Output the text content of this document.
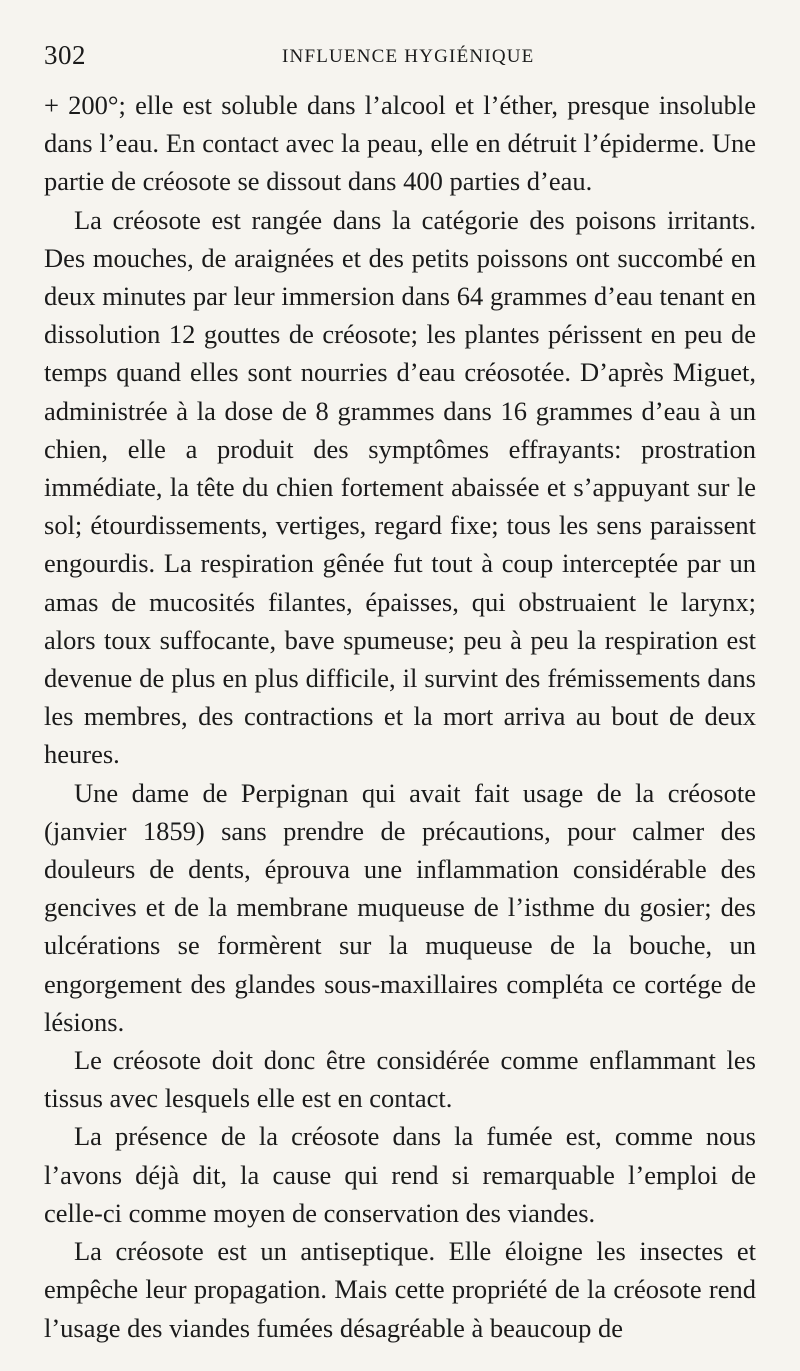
302	INFLUENCE HYGIÉNIQUE

+ 200°; elle est soluble dans l’alcool et l’éther, presque insoluble dans l’eau. En contact avec la peau, elle en détruit l’épiderme. Une partie de créosote se dissout dans 400 parties d’eau.

La créosote est rangée dans la catégorie des poisons irritants. Des mouches, de araignées et des petits poissons ont succombé en deux minutes par leur immersion dans 64 grammes d’eau tenant en dissolution 12 gouttes de créosote; les plantes périssent en peu de temps quand elles sont nourries d’eau créosotée. D’après Miguet, administrée à la dose de 8 grammes dans 16 grammes d’eau à un chien, elle a produit des symptômes effrayants: prostration immédiate, la tête du chien fortement abaissée et s’appuyant sur le sol; étourdissements, vertiges, regard fixe; tous les sens paraissent engourdis. La respiration gênée fut tout à coup interceptée par un amas de mucosités filantes, épaisses, qui obstruaient le larynx; alors toux suffocante, bave spumeuse; peu à peu la respiration est devenue de plus en plus difficile, il survint des frémissements dans les membres, des contractions et la mort arriva au bout de deux heures.

Une dame de Perpignan qui avait fait usage de la créosote (janvier 1859) sans prendre de précautions, pour calmer des douleurs de dents, éprouva une inflammation considérable des gencives et de la membrane muqueuse de l’isthme du gosier; des ulcérations se formèrent sur la muqueuse de la bouche, un engorgement des glandes sous-maxillaires compléta ce cortége de lésions.

Le créosote doit donc être considérée comme enflammant les tissus avec lesquels elle est en contact.

La présence de la créosote dans la fumée est, comme nous l’avons déjà dit, la cause qui rend si remarquable l’emploi de celle-ci comme moyen de conservation des viandes.

La créosote est un antiseptique. Elle éloigne les insectes et empêche leur propagation. Mais cette propriété de la créosote rend l’usage des viandes fumées désagréable à beaucoup de
